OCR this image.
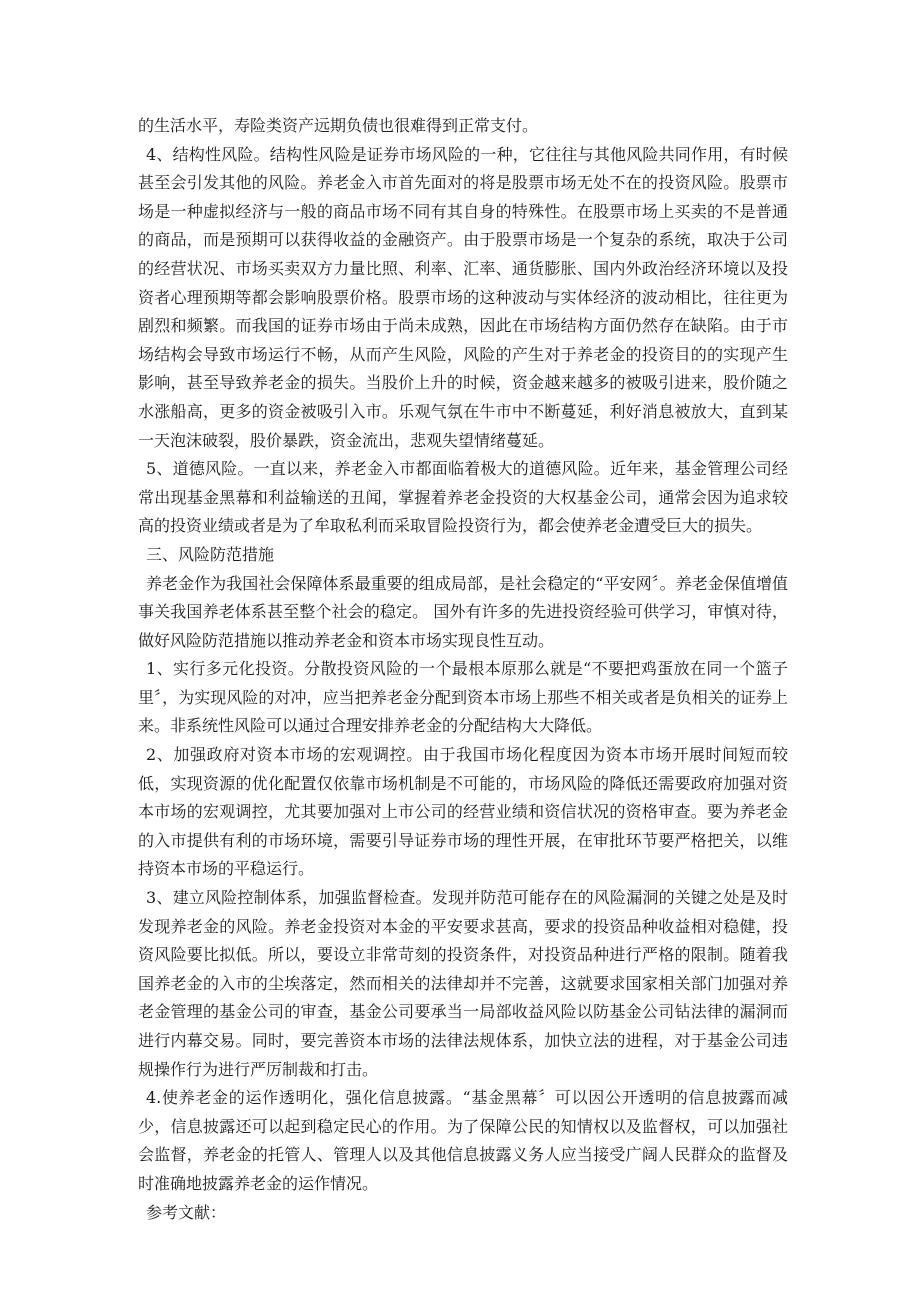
的生活水平，寿险类资产远期负债也很难得到正常支付。

4、结构性风险。结构性风险是证券市场风险的一种，它往往与其他风险共同作用，有时候甚至会引发其他的风险。养老金入市首先面对的将是股票市场无处不在的投资风险。股票市场是一种虚拟经济与一般的商品市场不同有其自身的特殊性。在股票市场上买卖的不是普通的商品，而是预期可以获得收益的金融资产。由于股票市场是一个复杂的系统，取决于公司的经营状况、市场买卖双方力量比照、利率、汇率、通货膨胀、国内外政治经济环境以及投资者心理预期等都会影响股票价格。股票市场的这种波动与实体经济的波动相比，往往更为剧烈和频繁。而我国的证券市场由于尚未成熟，因此在市场结构方面仍然存在缺陷。由于市场结构会导致市场运行不畅，从而产生风险，风险的产生对于养老金的投资目的的实现产生影响，甚至导致养老金的损失。当股价上升的时候，资金越来越多的被吸引进来，股价随之水涨船高，更多的资金被吸引入市。乐观气氛在牛市中不断蔓延，利好消息被放大，直到某一天泡沫破裂，股价暴跌，资金流出，悲观失望情绪蔓延。

5、道德风险。一直以来，养老金入市都面临着极大的道德风险。近年来，基金管理公司经常出现基金黑幕和利益输送的丑闻，掌握着养老金投资的大权基金公司，通常会因为追求较高的投资业绩或者是为了牟取私利而采取冒险投资行为，都会使养老金遭受巨大的损失。

三、风险防范措施

养老金作为我国社会保障体系最重要的组成局部，是社会稳定的“平安网〞。养老金保值增值事关我国养老体系甚至整个社会的稳定。 国外有许多的先进投资经验可供学习，审慎对待，做好风险防范措施以推动养老金和资本市场实现良性互动。

1、实行多元化投资。分散投资风险的一个最根本原那么就是“不要把鸡蛋放在同一个篮子里〞，为实现风险的对冲，应当把养老金分配到资本市场上那些不相关或者是负相关的证券上来。非系统性风险可以通过合理安排养老金的分配结构大大降低。

2、加强政府对资本市场的宏观调控。由于我国市场化程度因为资本市场开展时间短而较低，实现资源的优化配置仅依靠市场机制是不可能的，市场风险的降低还需要政府加强对资本市场的宏观调控，尤其要加强对上市公司的经营业绩和资信状况的资格审查。要为养老金的入市提供有利的市场环境，需要引导证券市场的理性开展，在审批环节要严格把关，以维持资本市场的平稳运行。

3、建立风险控制体系，加强监督检查。发现并防范可能存在的风险漏洞的关键之处是及时发现养老金的风险。养老金投资对本金的平安要求甚高，要求的投资品种收益相对稳健，投资风险要比拟低。所以，要设立非常苛刻的投资条件，对投资品种进行严格的限制。随着我国养老金的入市的尘埃落定，然而相关的法律却并不完善，这就要求国家相关部门加强对养老金管理的基金公司的审查，基金公司要承当一局部收益风险以防基金公司钻法律的漏洞而进行内幕交易。同时，要完善资本市场的法律法规体系，加快立法的进程，对于基金公司违规操作行为进行严厉制裁和打击。

4.使养老金的运作透明化，强化信息披露。“基金黑幕〞可以因公开透明的信息披露而减少，信息披露还可以起到稳定民心的作用。为了保障公民的知情权以及监督权，可以加强社会监督，养老金的托管人、管理人以及其他信息披露义务人应当接受广阔人民群众的监督及时准确地披露养老金的运作情况。

参考文献：
